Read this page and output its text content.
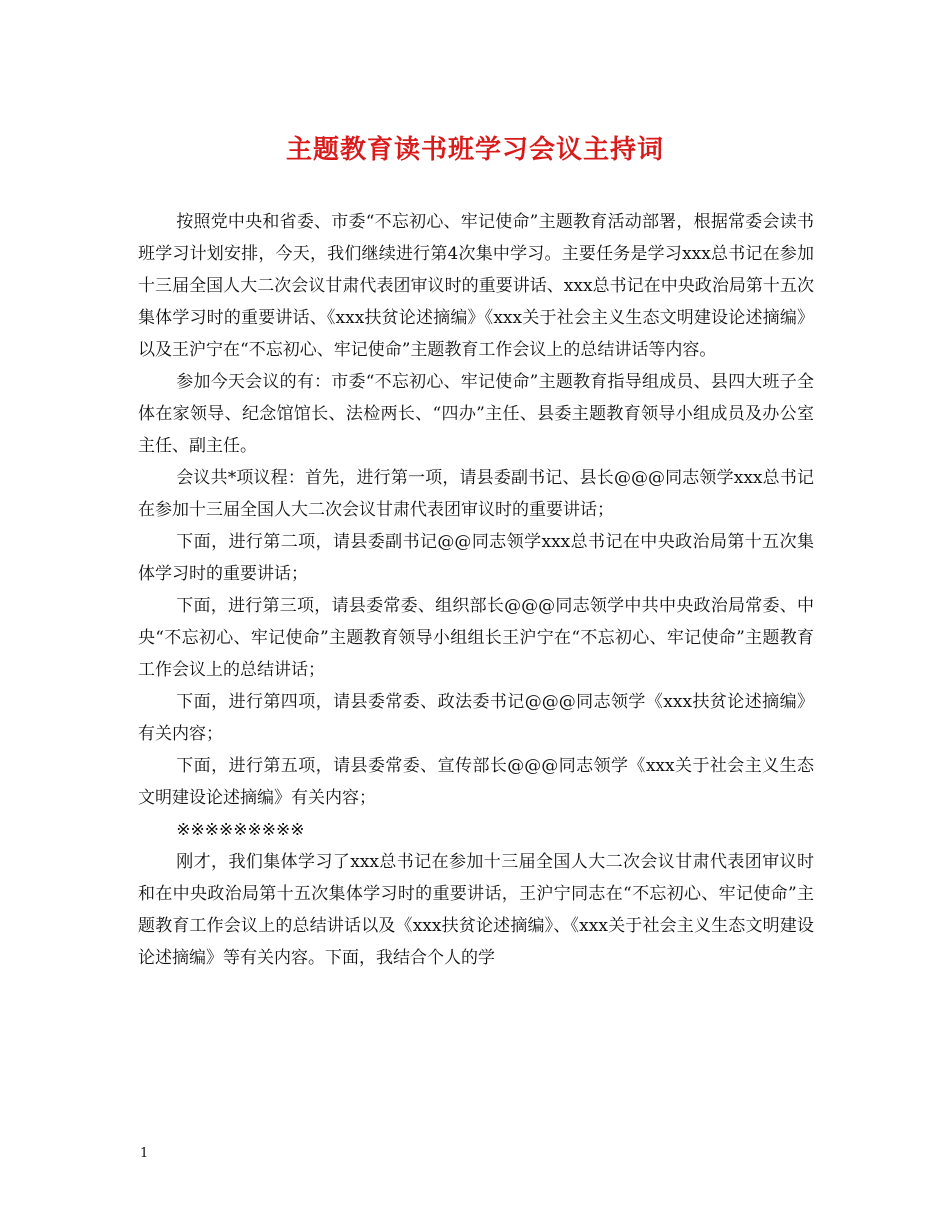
主题教育读书班学习会议主持词

按照党中央和省委、市委“不忘初心、牢记使命”主题教育活动部署，根据常委会读书班学习计划安排，今天，我们继续进行第4次集中学习。主要任务是学习xxx总书记在参加十三届全国人大二次会议甘肃代表团审议时的重要讲话、xxx总书记在中央政治局第十五次集体学习时的重要讲话、《xxx扶贫论述摘编》《xxx关于社会主义生态文明建设论述摘编》以及王沪宁在“不忘初心、牢记使命”主题教育工作会议上的总结讲话等内容。

参加今天会议的有：市委“不忘初心、牢记使命”主题教育指导组成员、县四大班子全体在家领导、纪念馆馆长、法检两长、“四办”主任、县委主题教育领导小组成员及办公室主任、副主任。

会议共*项议程：首先，进行第一项，请县委副书记、县长@@@同志领学xxx总书记在参加十三届全国人大二次会议甘肃代表团审议时的重要讲话；

下面，进行第二项，请县委副书记@@同志领学xxx总书记在中央政治局第十五次集体学习时的重要讲话；

下面，进行第三项，请县委常委、组织部长@@@同志领学中共中央政治局常委、中央“不忘初心、牢记使命”主题教育领导小组组长王沪宁在“不忘初心、牢记使命”主题教育工作会议上的总结讲话；

下面，进行第四项，请县委常委、政法委书记@@@同志领学《xxx扶贫论述摘编》有关内容；

下面，进行第五项，请县委常委、宣传部长@@@同志领学《xxx关于社会主义生态文明建设论述摘编》有关内容；

※※※※※※※※※

刚才，我们集体学习了xxx总书记在参加十三届全国人大二次会议甘肃代表团审议时和在中央政治局第十五次集体学习时的重要讲话，王沪宁同志在“不忘初心、牢记使命”主题教育工作会议上的总结讲话以及《xxx扶贫论述摘编》、《xxx关于社会主义生态文明建设论述摘编》等有关内容。下面，我结合个人的学

1
